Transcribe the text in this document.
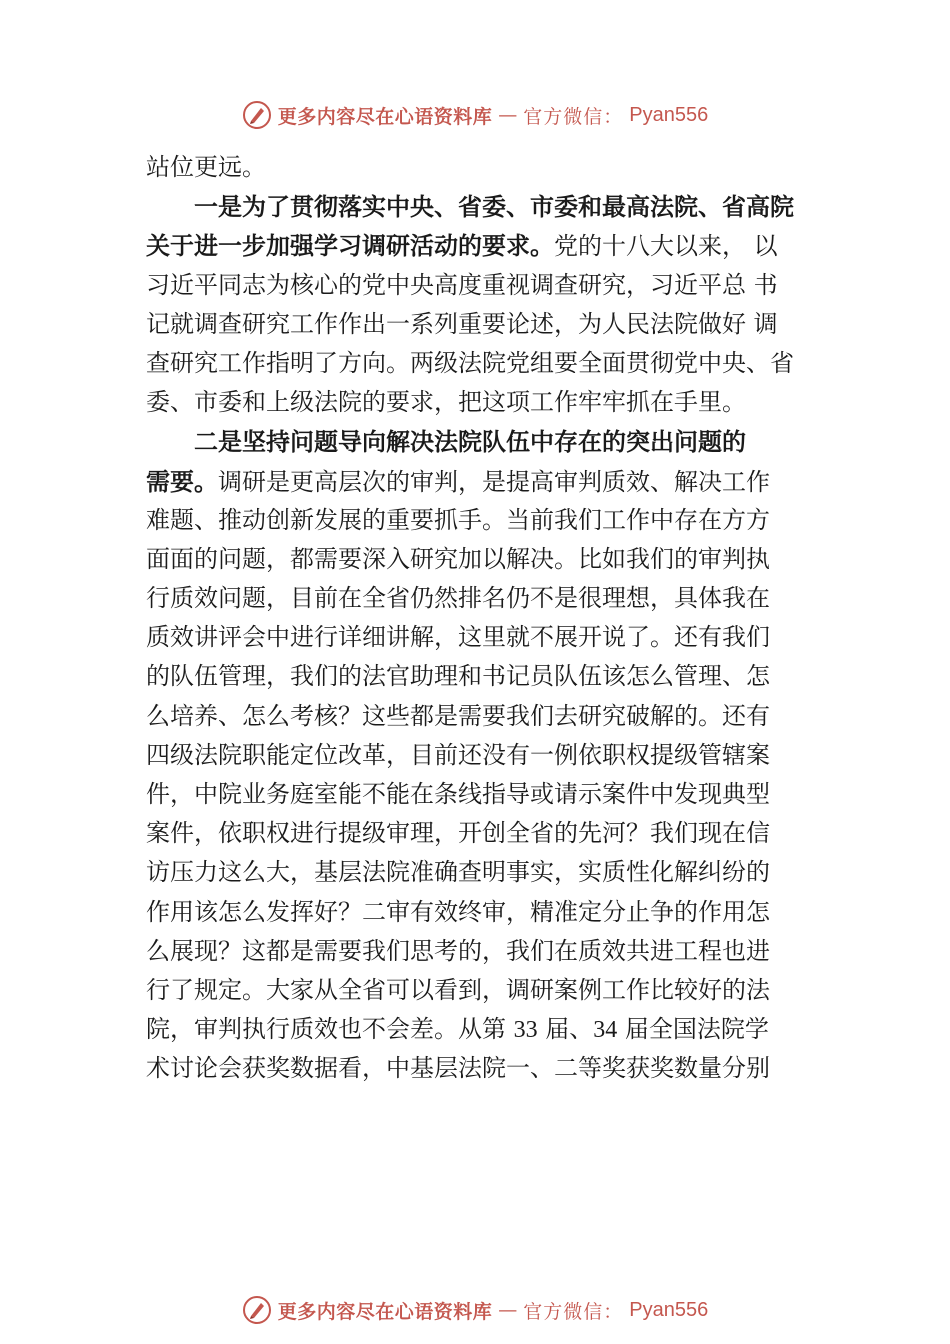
更多内容尽在心语资料库 — 官方微信： Pyan556
站位更远。
一是为了贯彻落实中央、省委、市委和最高法院、省高院
关于进一步加强学习调研活动的要求。党的十八大以来， 以
习近平同志为核心的党中央高度重视调查研究，习近平总 书
记就调查研究工作作出一系列重要论述，为人民法院做好 调
查研究工作指明了方向。两级法院党组要全面贯彻党中央、省
委、市委和上级法院的要求，把这项工作牢牢抓在手里。
二是坚持问题导向解决法院队伍中存在的突出问题的
需要。调研是更高层次的审判，是提高审判质效、解决工作
难题、推动创新发展的重要抓手。当前我们工作中存在方方
面面的问题，都需要深入研究加以解决。比如我们的审判执
行质效问题，目前在全省仍然排名仍不是很理想，具体我在
质效讲评会中进行详细讲解，这里就不展开说了。还有我们
的队伍管理，我们的法官助理和书记员队伍该怎么管理、怎
么培养、怎么考核？这些都是需要我们去研究破解的。还有
四级法院职能定位改革，目前还没有一例依职权提级管辖案
件，中院业务庭室能不能在条线指导或请示案件中发现典型
案件，依职权进行提级审理，开创全省的先河？我们现在信
访压力这么大，基层法院准确查明事实，实质性化解纠纷的
作用该怎么发挥好？二审有效终审，精准定分止争的作用怎
么展现？这都是需要我们思考的，我们在质效共进工程也进
行了规定。大家从全省可以看到，调研案例工作比较好的法
院，审判执行质效也不会差。从第 33 届、34 届全国法院学
术讨论会获奖数据看，中基层法院一、二等奖获奖数量分别
更多内容尽在心语资料库 — 官方微信： Pyan556
